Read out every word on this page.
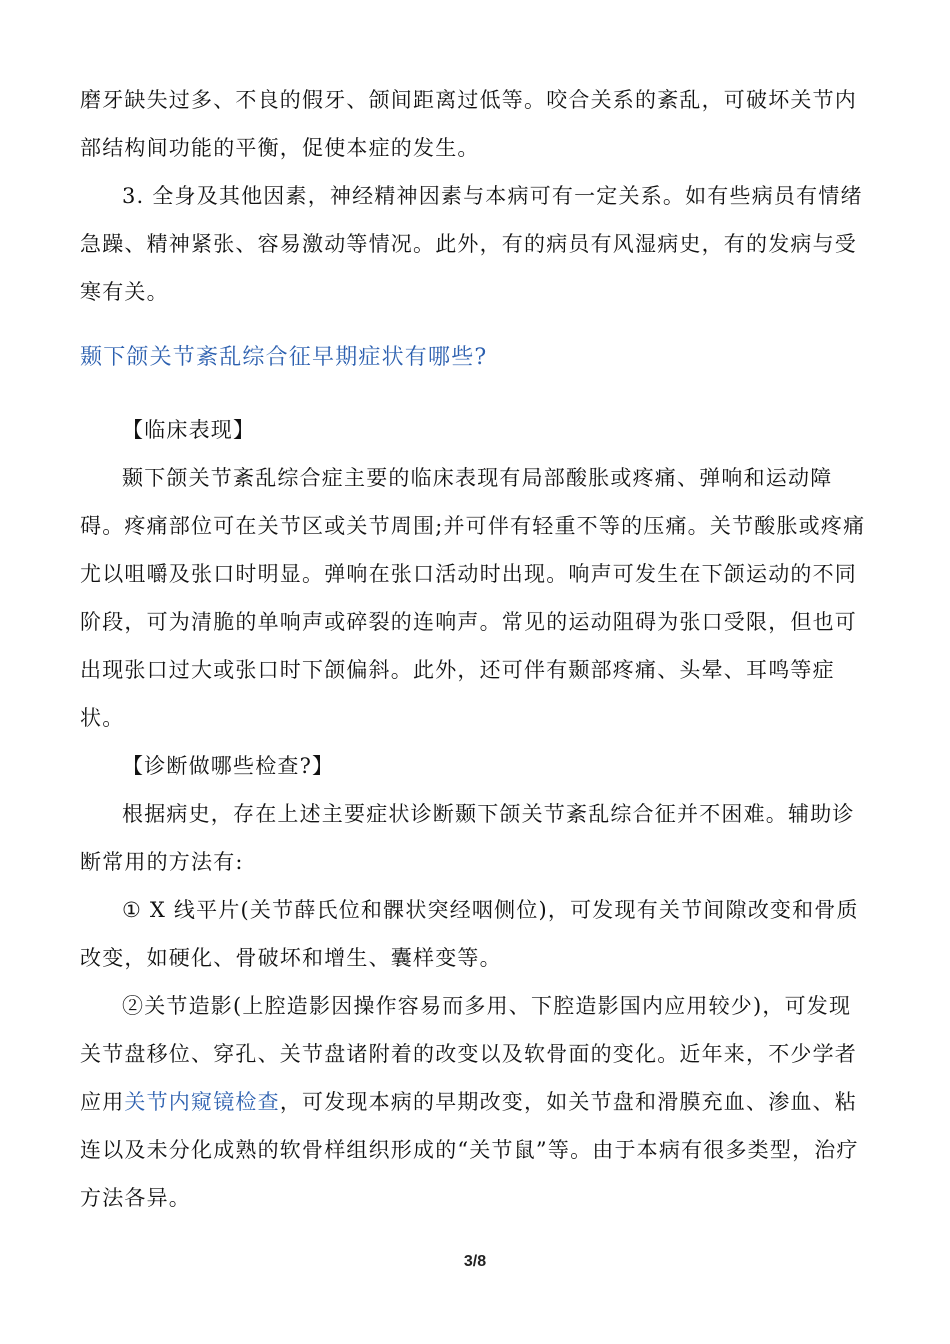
磨牙缺失过多、不良的假牙、颌间距离过低等。咬合关系的紊乱，可破坏关节内部结构间功能的平衡，促使本症的发生。

3. 全身及其他因素，神经精神因素与本病可有一定关系。如有些病员有情绪急躁、精神紧张、容易激动等情况。此外，有的病员有风湿病史，有的发病与受寒有关。

颞下颌关节紊乱综合征早期症状有哪些?

【临床表现】

颞下颌关节紊乱综合症主要的临床表现有局部酸胀或疼痛、弹响和运动障碍。疼痛部位可在关节区或关节周围;并可伴有轻重不等的压痛。关节酸胀或疼痛尤以咀嚼及张口时明显。弹响在张口活动时出现。响声可发生在下颌运动的不同阶段，可为清脆的单响声或碎裂的连响声。常见的运动阻碍为张口受限，但也可出现张口过大或张口时下颌偏斜。此外，还可伴有颞部疼痛、头晕、耳鸣等症状。

【诊断做哪些检查?】

根据病史，存在上述主要症状诊断颞下颌关节紊乱综合征并不困难。辅助诊断常用的方法有:

① X 线平片(关节薛氏位和髁状突经咽侧位)，可发现有关节间隙改变和骨质改变，如硬化、骨破坏和增生、囊样变等。

②关节造影(上腔造影因操作容易而多用、下腔造影国内应用较少)，可发现关节盘移位、穿孔、关节盘诸附着的改变以及软骨面的变化。近年来，不少学者应用关节内窥镜检查，可发现本病的早期改变，如关节盘和滑膜充血、渗血、粘连以及未分化成熟的软骨样组织形成的“关节鼠”等。由于本病有很多类型，治疗方法各异。

3/8
